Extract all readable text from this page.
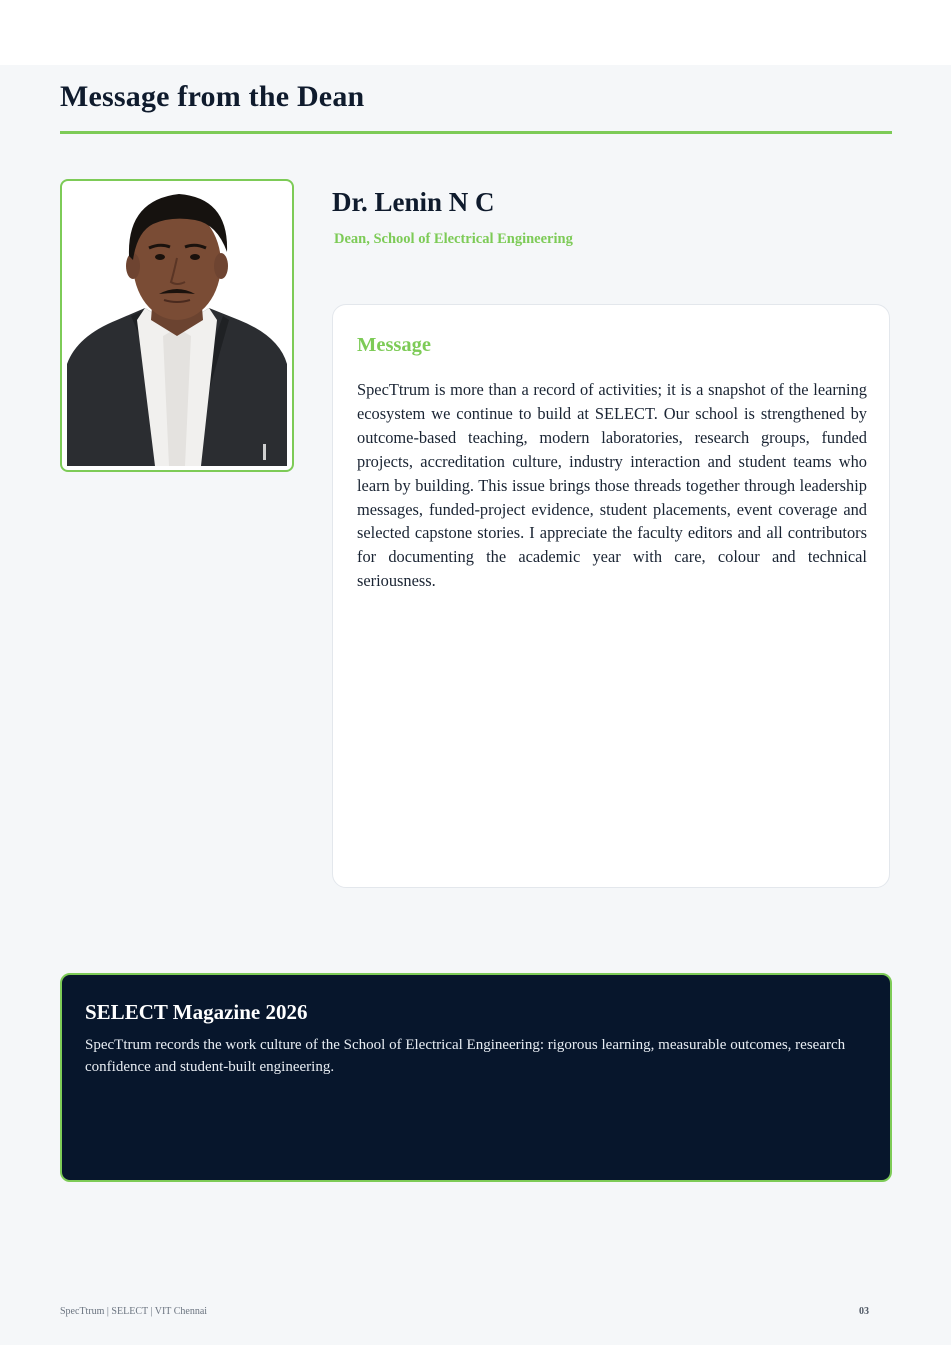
Message from the Dean
Dr. Lenin N C
Dean, School of Electrical Engineering
Message

SpecTtrum is more than a record of activities; it is a snapshot of the learning ecosystem we continue to build at SELECT. Our school is strengthened by outcome-based teaching, modern laboratories, research groups, funded projects, accreditation culture, industry interaction and student teams who learn by building. This issue brings those threads together through leadership messages, funded-project evidence, student placements, event coverage and selected capstone stories. I appreciate the faculty editors and all contributors for documenting the academic year with care, colour and technical seriousness.

SELECT Magazine 2026

SpecTtrum records the work culture of the School of Electrical Engineering: rigorous learning, measurable outcomes, research confidence and student-built engineering.

SpecTtrum | SELECT | VIT Chennai	03
